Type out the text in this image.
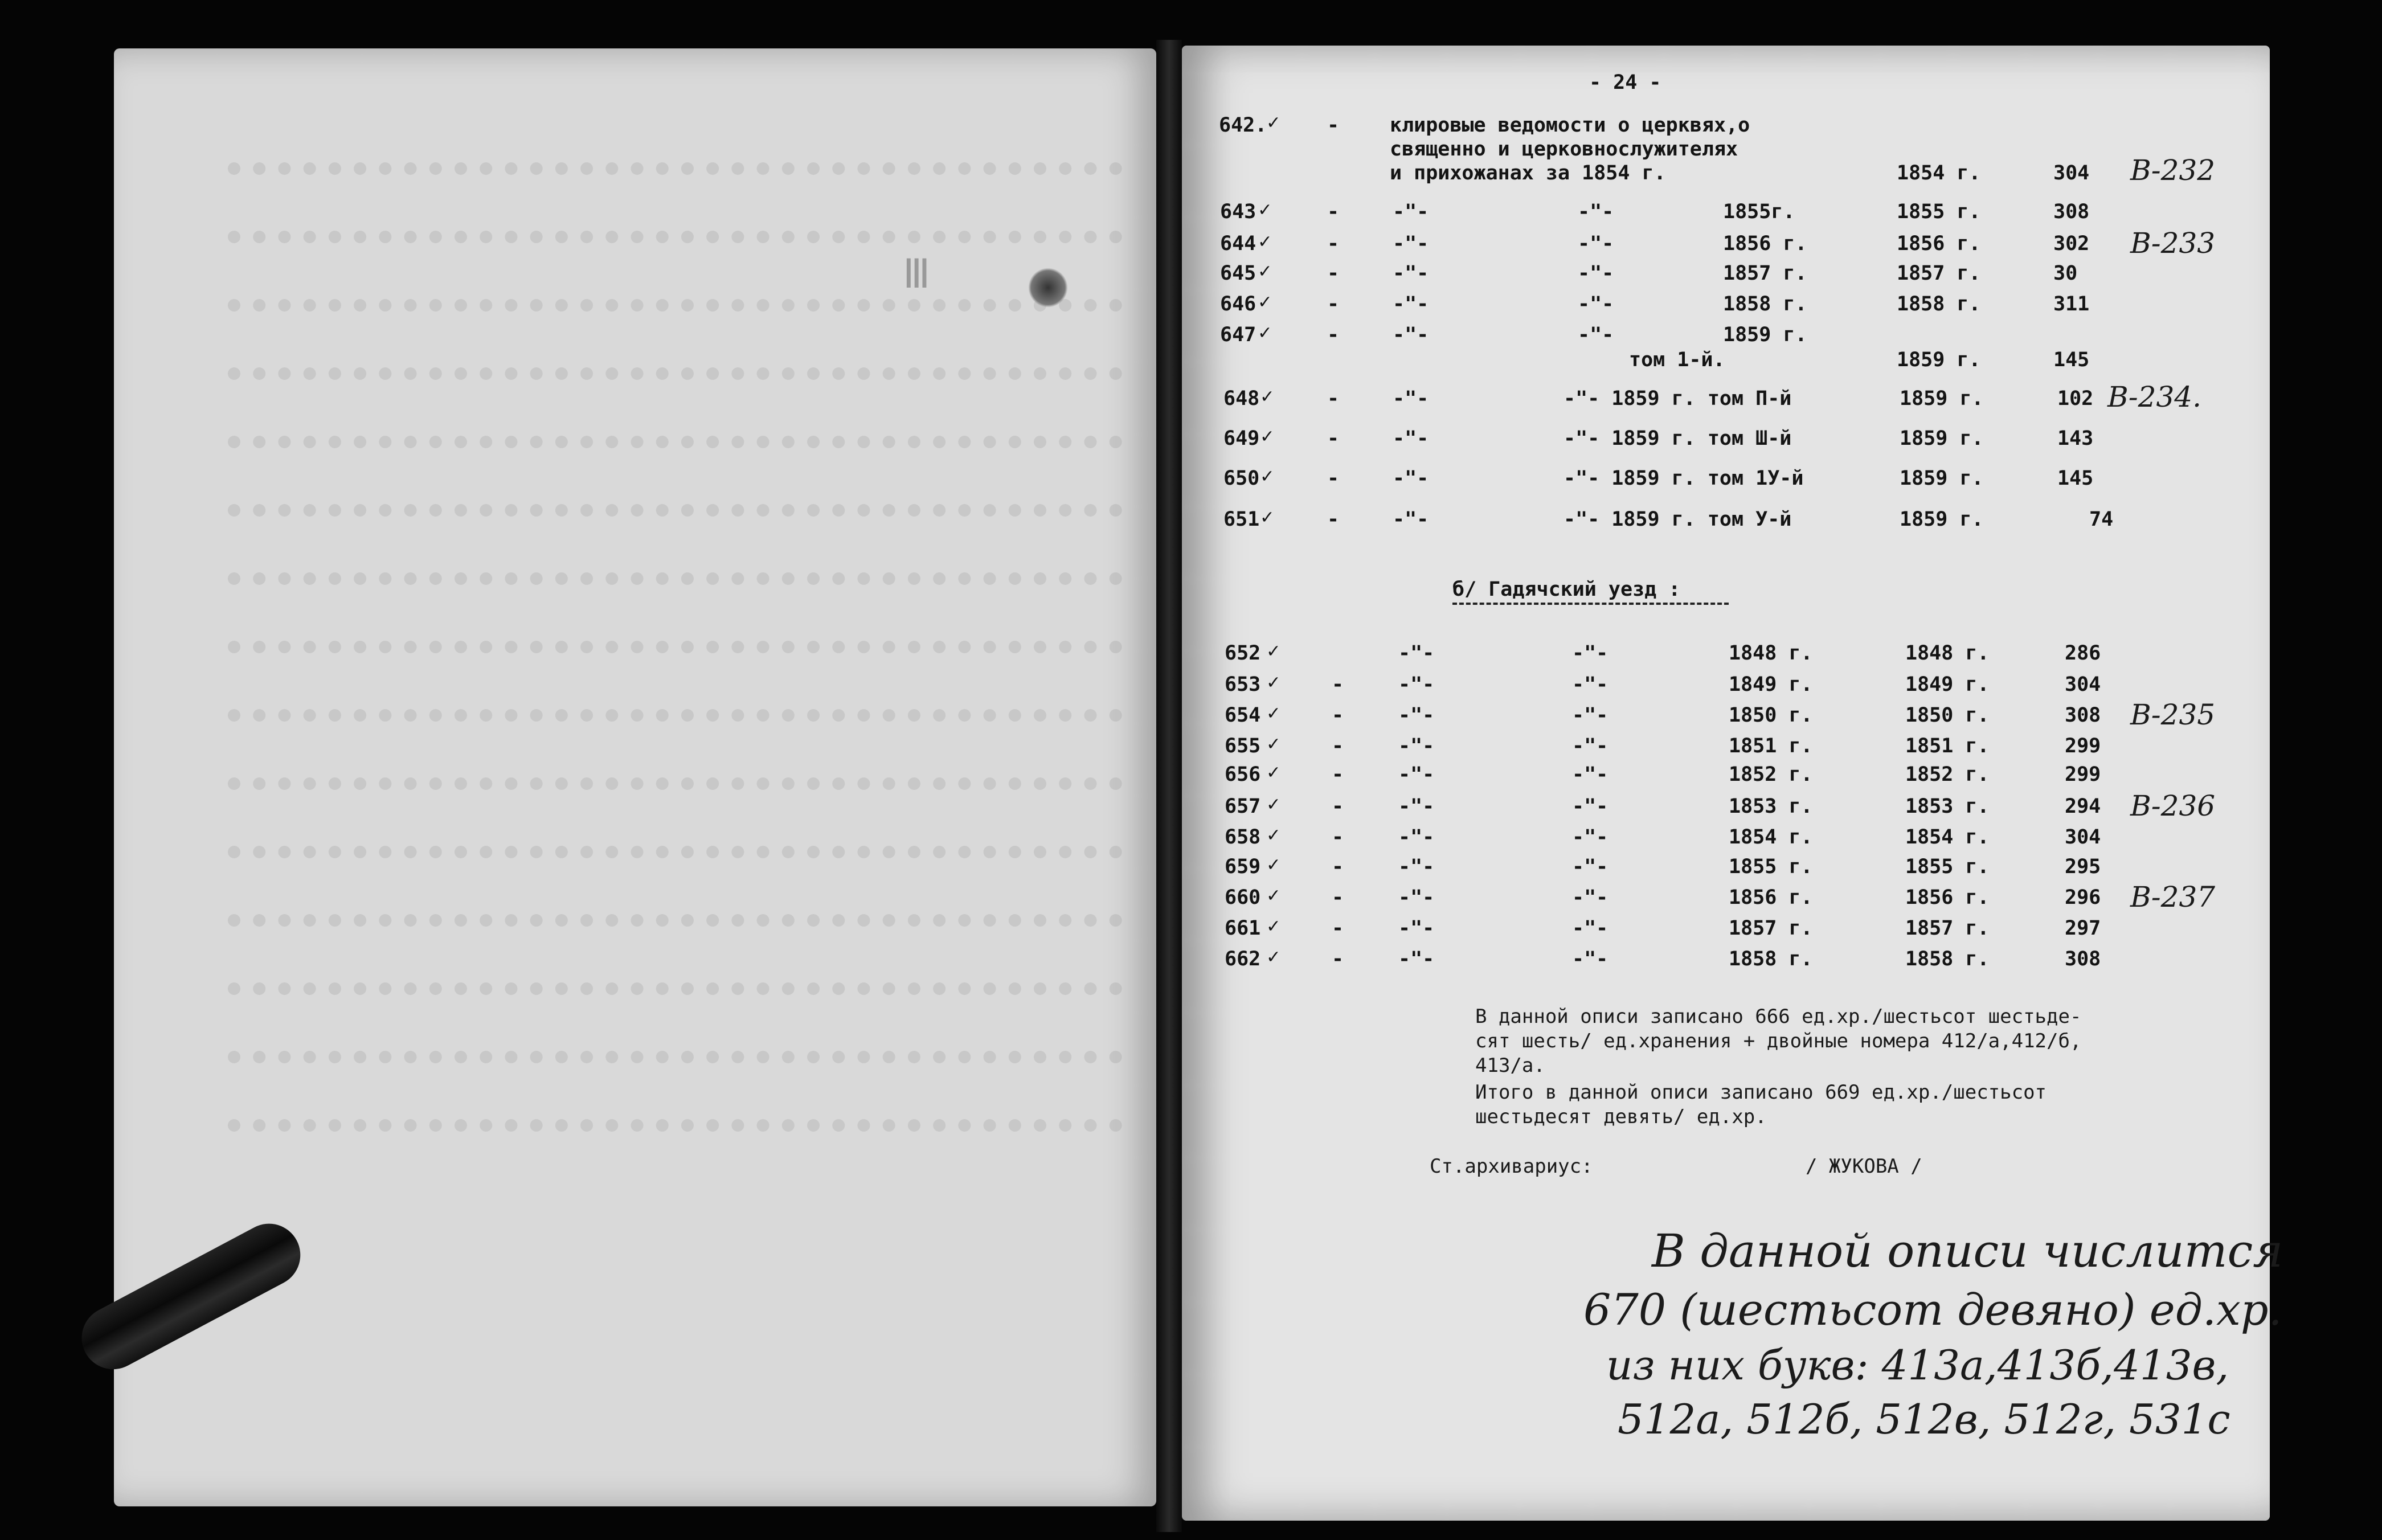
Ⅲ
- 24 -
642. ✓ -	клировые ведомости о церквях,о
священно и церковнослужителях
и прихожанах за 1854 г.	1854 г.	304 В-232
643 ✓	-	-"-	-"-	1855г.	1855 г.	308
644 ✓	-	-"-	-"-	1856 г.	1856 г.	302 В-233
645 ✓	-	-"-	-"-	1857 г.	1857 г.	30
646 ✓	-	-"-	-"-	1858 г.	1858 г.	311
647 ✓	-	-"-	-"-	1859 г.
том 1-й.	1859 г.	145
648 ✓	-	-"-	-"- 1859 г. том П-й	1859 г.	102 В-234.
649 ✓	-	-"-	-"- 1859 г. том Ш-й	1859 г.	143
650 ✓	-	-"-	-"- 1859 г. том 1У-й	1859 г.	145
651 ✓	-	-"-	-"- 1859 г. том У-й	1859 г.	74
б/ Гадячский уезд :
652 ✓	-"-	-"-	1848 г.	1848 г.	286
653 ✓	-	-"-	-"-	1849 г.	1849 г.	304
654 ✓	-	-"-	-"-	1850 г.	1850 г.	308 В-235
655 ✓	-	-"-	-"-	1851 г.	1851 г.	299
656 ✓	-	-"-	-"-	1852 г.	1852 г.	299
657 ✓	-	-"-	-"-	1853 г.	1853 г.	294 В-236
658 ✓	-	-"-	-"-	1854 г.	1854 г.	304
659 ✓	-	-"-	-"-	1855 г.	1855 г.	295
660 ✓	-	-"-	-"-	1856 г.	1856 г.	296 В-237
661 ✓	-	-"-	-"-	1857 г.	1857 г.	297
662 ✓	-	-"-	-"-	1858 г.	1858 г.	308
В данной описи записано 666 ед.хр./шестьсот шестьде-
сят шесть/ ед.хранения + двойные номера 412/а,412/б,
413/а.
Итого в данной описи записано 669 ед.хр./шестьсот
шестьдесят девять/ ед.хр.
Ст.архивариус:	/ ЖУКОВА /
В данной описи числится
670 (шестьсот девяно) ед.хр.
из них букв: 413а,413б,413в,
512а, 512б, 512в, 512г, 531с
